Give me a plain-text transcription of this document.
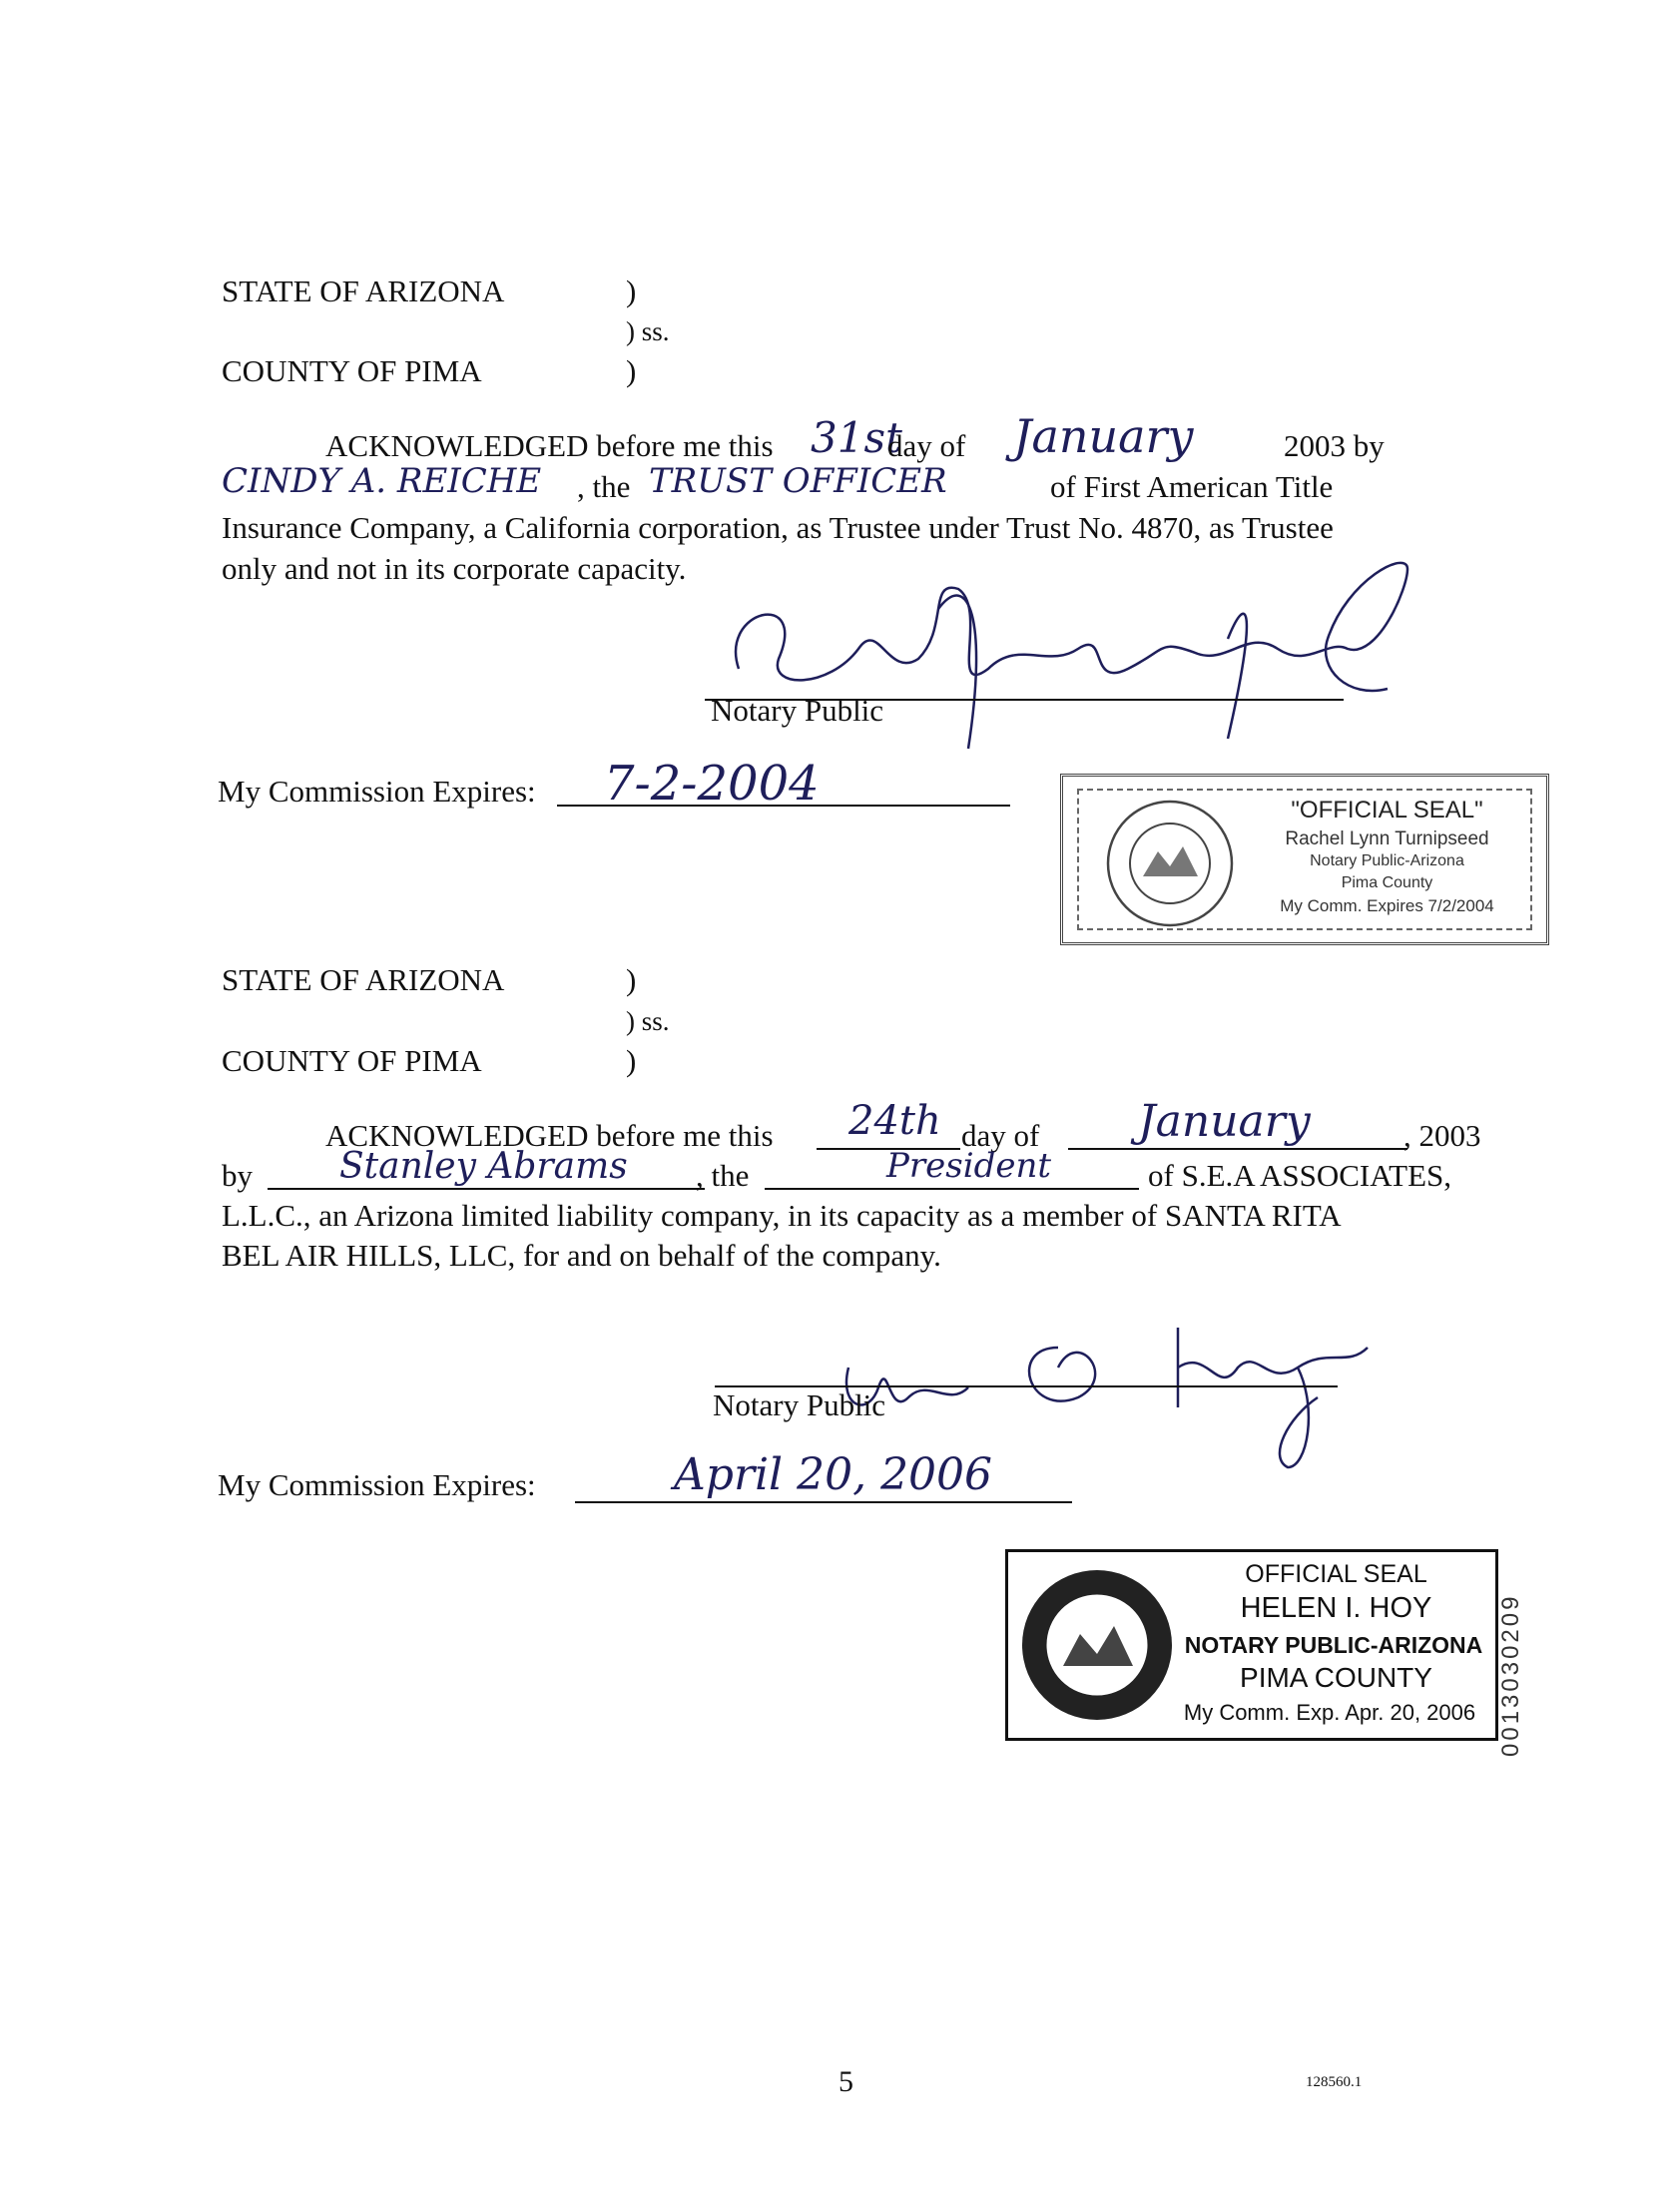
STATE OF ARIZONA	)
) ss.
COUNTY OF PIMA	)
ACKNOWLEDGED before me this 31st
day of January	2003 by
CINDY A. REICHE , the TRUST OFFICER	of First American Title
Insurance Company, a California corporation, as Trustee under Trust No. 4870, as Trustee
only and not in its corporate capacity.
Notary Public
My Commission Expires: 7-2-2004	"OFFICIAL SEAL"
Rachel Lynn Turnipseed
Notary Public-Arizona
Pima County
My Comm. Expires 7/2/2004
STATE OF ARIZONA	)
) ss.
COUNTY OF PIMA	)
ACKNOWLEDGED before me this 24th day of January	, 2003
by Stanley Abrams , the	President	of S.E.A ASSOCIATES,
L.L.C., an Arizona limited liability company, in its capacity as a member of SANTA RITA
BEL AIR HILLS, LLC, for and on behalf of the company.
Notary Public
My Commission Expires:	April 20, 2006
OFFICIAL SEAL
HELEN I. HOY
NOTARY PUBLIC-ARIZONA
PIMA COUNTY
My Comm. Exp. Apr. 20, 2006
5	128560.1
0013030209
